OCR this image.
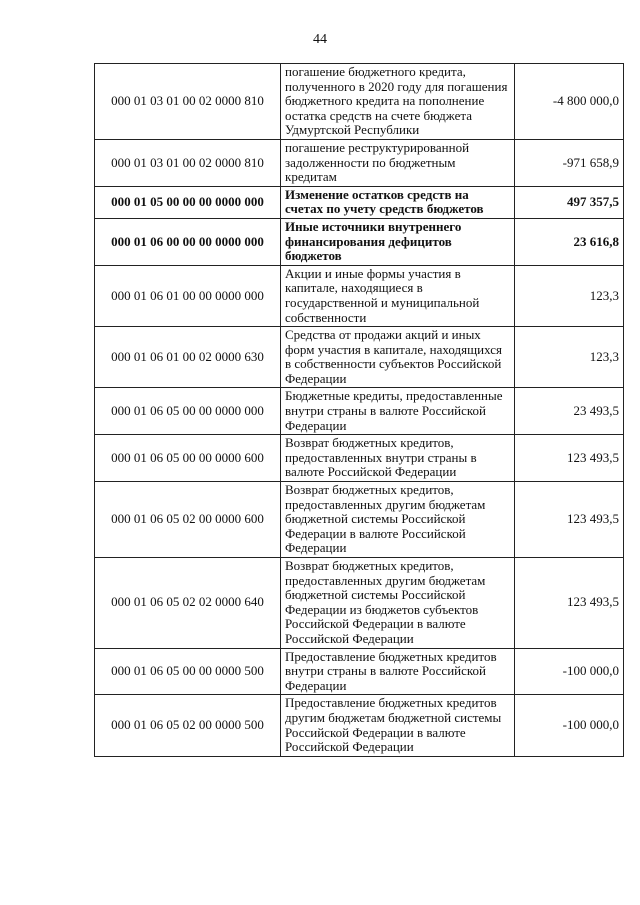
44
000 01 03 01 00 02 0000 810	погашение бюджетного кредита, полученного в 2020 году для погашения бюджетного кредита на пополнение остатка средств на счете бюджета Удмуртской Республики	-4 800 000,0
000 01 03 01 00 02 0000 810	погашение реструктурированной задолженности по бюджетным кредитам	-971 658,9
000 01 05 00 00 00 0000 000	Изменение остатков средств на счетах по учету средств бюджетов	497 357,5
000 01 06 00 00 00 0000 000	Иные источники внутреннего финансирования дефицитов бюджетов	23 616,8
000 01 06 01 00 00 0000 000	Акции и иные формы участия в капитале, находящиеся в государственной и муниципальной собственности	123,3
000 01 06 01 00 02 0000 630	Средства от продажи акций и иных форм участия в капитале, находящихся в собственности субъектов Российской Федерации	123,3
000 01 06 05 00 00 0000 000	Бюджетные кредиты, предоставленные внутри страны в валюте Российской Федерации	23 493,5
000 01 06 05 00 00 0000 600	Возврат бюджетных кредитов, предоставленных внутри страны в валюте Российской Федерации	123 493,5
000 01 06 05 02 00 0000 600	Возврат бюджетных кредитов, предоставленных другим бюджетам бюджетной системы Российской Федерации в валюте Российской Федерации	123 493,5
000 01 06 05 02 02 0000 640	Возврат бюджетных кредитов, предоставленных другим бюджетам бюджетной системы Российской Федерации из бюджетов субъектов Российской Федерации в валюте Российской Федерации	123 493,5
000 01 06 05 00 00 0000 500	Предоставление бюджетных кредитов внутри страны в валюте Российской Федерации	-100 000,0
000 01 06 05 02 00 0000 500	Предоставление бюджетных кредитов другим бюджетам бюджетной системы Российской Федерации в валюте Российской Федерации	-100 000,0
